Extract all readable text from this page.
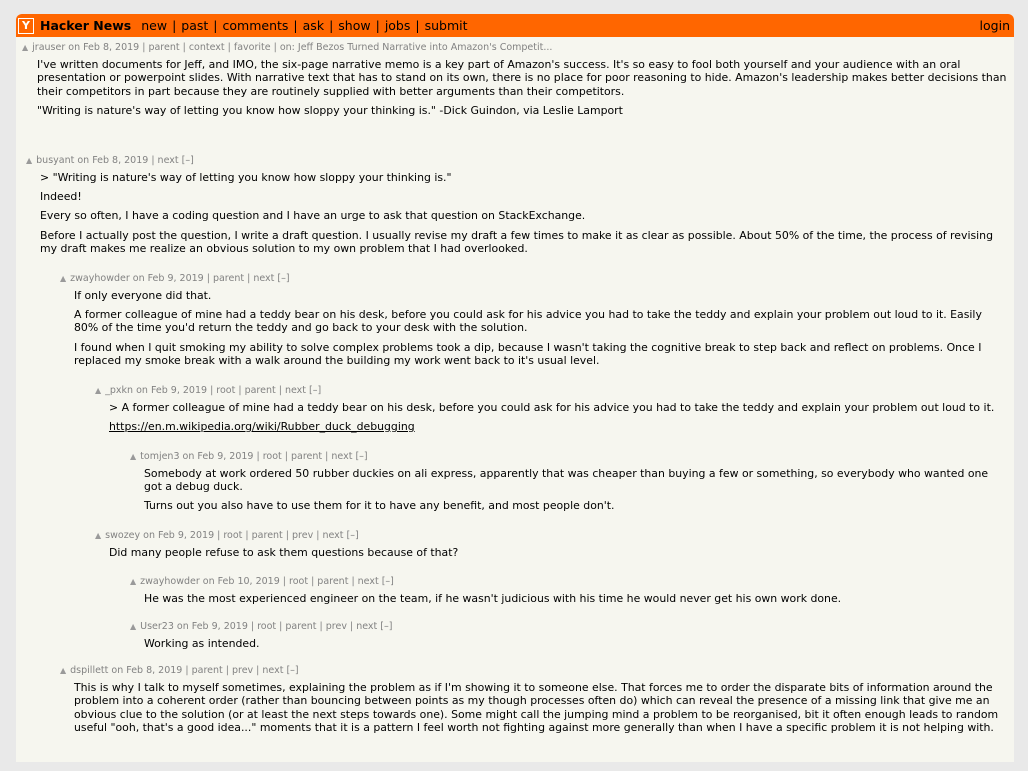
Y Hacker News new | past | comments | ask | show | jobs | submit	login
▲ jrauser on Feb 8, 2019 | parent | context | favorite | on: Jeff Bezos Turned Narrative into Amazon's Competit...

I've written documents for Jeff, and IMO, the six-page narrative memo is a key part of Amazon's success. It's so easy to fool both yourself and your audience with an oral presentation or powerpoint slides. With narrative text that has to stand on its own, there is no place for poor reasoning to hide. Amazon's leadership makes better decisions than their competitors in part because they are routinely supplied with better arguments than their competitors.

"Writing is nature's way of letting you know how sloppy your thinking is." -Dick Guindon, via Leslie Lamport

▲ busyant on Feb 8, 2019 | next [–]

> "Writing is nature's way of letting you know how sloppy your thinking is."

Indeed!

Every so often, I have a coding question and I have an urge to ask that question on StackExchange.

Before I actually post the question, I write a draft question. I usually revise my draft a few times to make it as clear as possible. About 50% of the time, the process of revising my draft makes me realize an obvious solution to my own problem that I had overlooked.

▲ zwayhowder on Feb 9, 2019 | parent | next [–]

If only everyone did that.

A former colleague of mine had a teddy bear on his desk, before you could ask for his advice you had to take the teddy and explain your problem out loud to it. Easily 80% of the time you'd return the teddy and go back to your desk with the solution.

I found when I quit smoking my ability to solve complex problems took a dip, because I wasn't taking the cognitive break to step back and reflect on problems. Once I replaced my smoke break with a walk around the building my work went back to it's usual level.

▲ _pxkn on Feb 9, 2019 | root | parent | next [–]

> A former colleague of mine had a teddy bear on his desk, before you could ask for his advice you had to take the teddy and explain your problem out loud to it.

https://en.m.wikipedia.org/wiki/Rubber_duck_debugging

▲ tomjen3 on Feb 9, 2019 | root | parent | next [–]

Somebody at work ordered 50 rubber duckies on ali express, apparently that was cheaper than buying a few or something, so everybody who wanted one got a debug duck.

Turns out you also have to use them for it to have any benefit, and most people don't.

▲ swozey on Feb 9, 2019 | root | parent | prev | next [–]

Did many people refuse to ask them questions because of that?

▲ zwayhowder on Feb 10, 2019 | root | parent | next [–]

He was the most experienced engineer on the team, if he wasn't judicious with his time he would never get his own work done.

▲ User23 on Feb 9, 2019 | root | parent | prev | next [–]

Working as intended.

▲ dspillett on Feb 8, 2019 | parent | prev | next [–]

This is why I talk to myself sometimes, explaining the problem as if I'm showing it to someone else. That forces me to order the disparate bits of information around the problem into a coherent order (rather than bouncing between points as my though processes often do) which can reveal the presence of a missing link that give me an obvious clue to the solution (or at least the next steps towards one). Some might call the jumping mind a problem to be reorganised, bit it often enough leads to random useful "ooh, that's a good idea..." moments that it is a pattern I feel worth not fighting against more generally than when I have a specific problem it is not helping with.
